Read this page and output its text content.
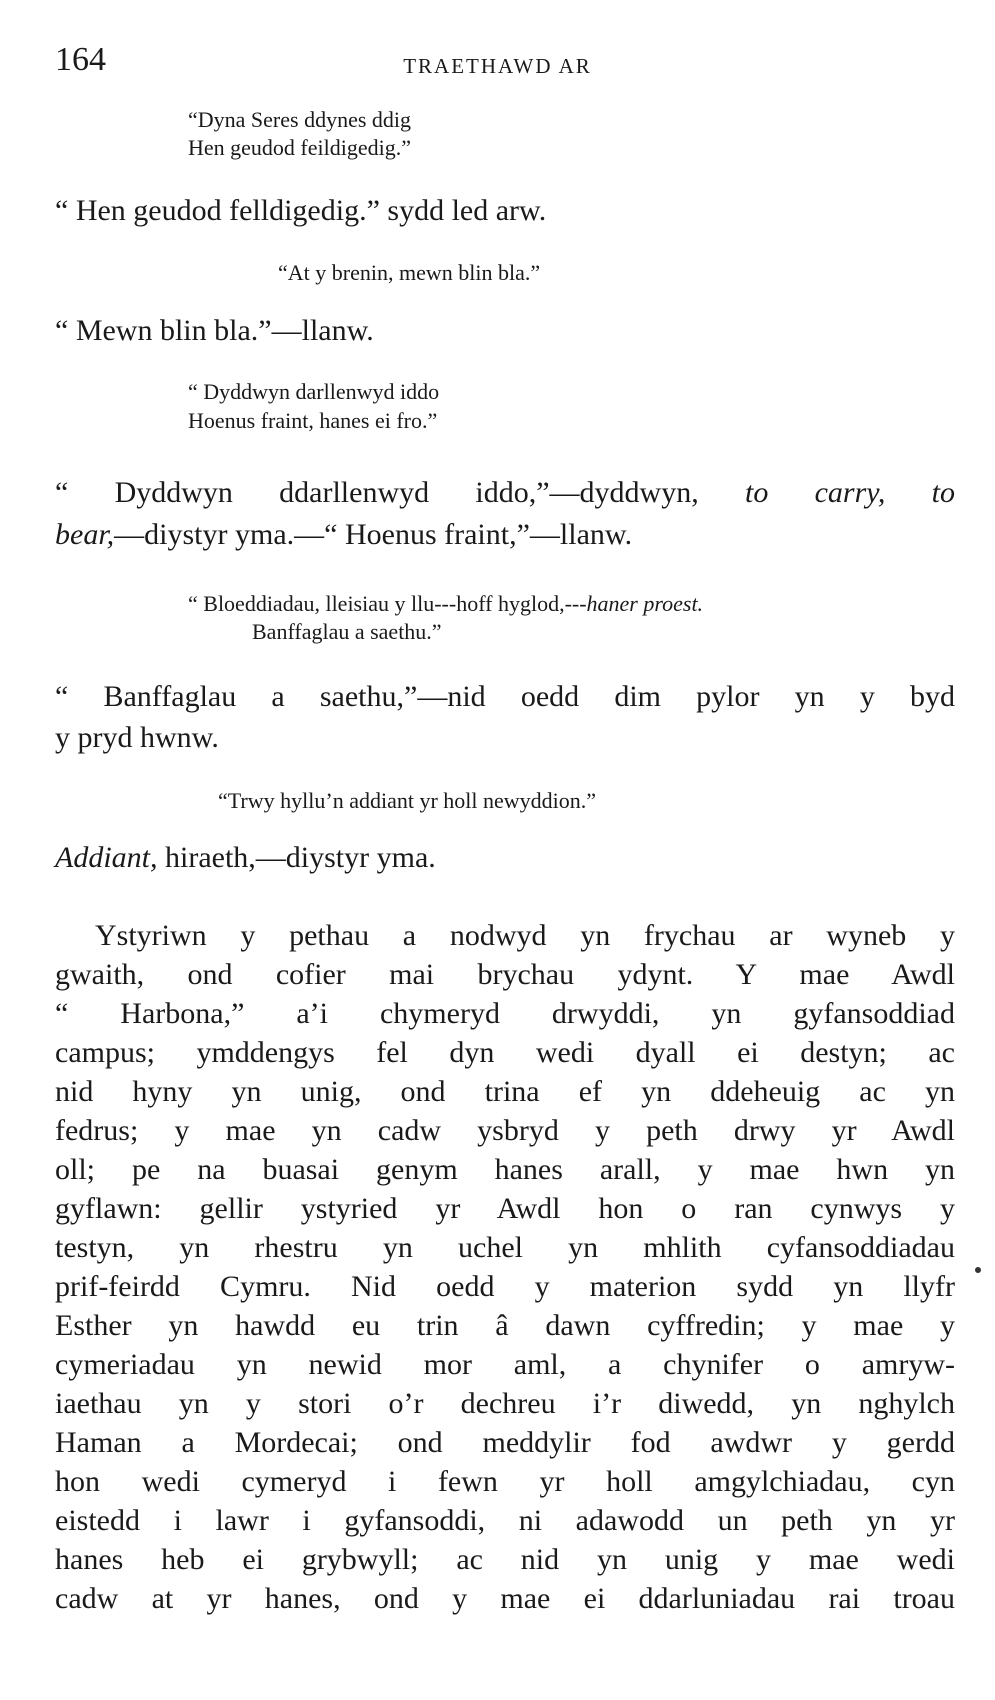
164	TRAETHAWD AR
“Dyna Seres ddynes ddig
Hen geudod feildigedig.”
“ Hen geudod felldigedig.” sydd led arw.
“At y brenin, mewn blin bla.”
“ Mewn blin bla.”—llanw.
“ Dyddwyn darllenwyd iddo
Hoenus fraint, hanes ei fro.”
“ Dyddwyn ddarllenwyd iddo,”—dyddwyn, to carry, to
bear,—diystyr yma.—“ Hoenus fraint,”—llanw.
“ Bloeddiadau, lleisiau y llu---hoff hyglod,---haner proest.
Banffaglau a saethu.”
“ Banffaglau a saethu,”—nid oedd dim pylor yn y byd
y pryd hwnw.
“Trwy hyllu’n addiant yr holl newyddion.”
Addiant, hiraeth,—diystyr yma.
Ystyriwn y pethau a nodwyd yn frychau ar wyneb y
gwaith, ond cofier mai brychau ydynt. Y mae Awdl
“ Harbona,” a’i chymeryd drwyddi, yn gyfansoddiad
campus; ymddengys fel dyn wedi dyall ei destyn; ac
nid hyny yn unig, ond trina ef yn ddeheuig ac yn
fedrus; y mae yn cadw ysbryd y peth drwy yr Awdl
oll; pe na buasai genym hanes arall, y mae hwn yn
gyflawn: gellir ystyried yr Awdl hon o ran cynwys y
testyn, yn rhestru yn uchel yn mhlith cyfansoddiadau
prif-feirdd Cymru. Nid oedd y materion sydd yn llyfr
Esther yn hawdd eu trin â dawn cyffredin; y mae y
cymeriadau yn newid mor aml, a chynifer o amryw-
iaethau yn y stori o’r dechreu i’r diwedd, yn nghylch
Haman a Mordecai; ond meddylir fod awdwr y gerdd
hon wedi cymeryd i fewn yr holl amgylchiadau, cyn
eistedd i lawr i gyfansoddi, ni adawodd un peth yn yr
hanes heb ei grybwyll; ac nid yn unig y mae wedi
cadw at yr hanes, ond y mae ei ddarluniadau rai troau
